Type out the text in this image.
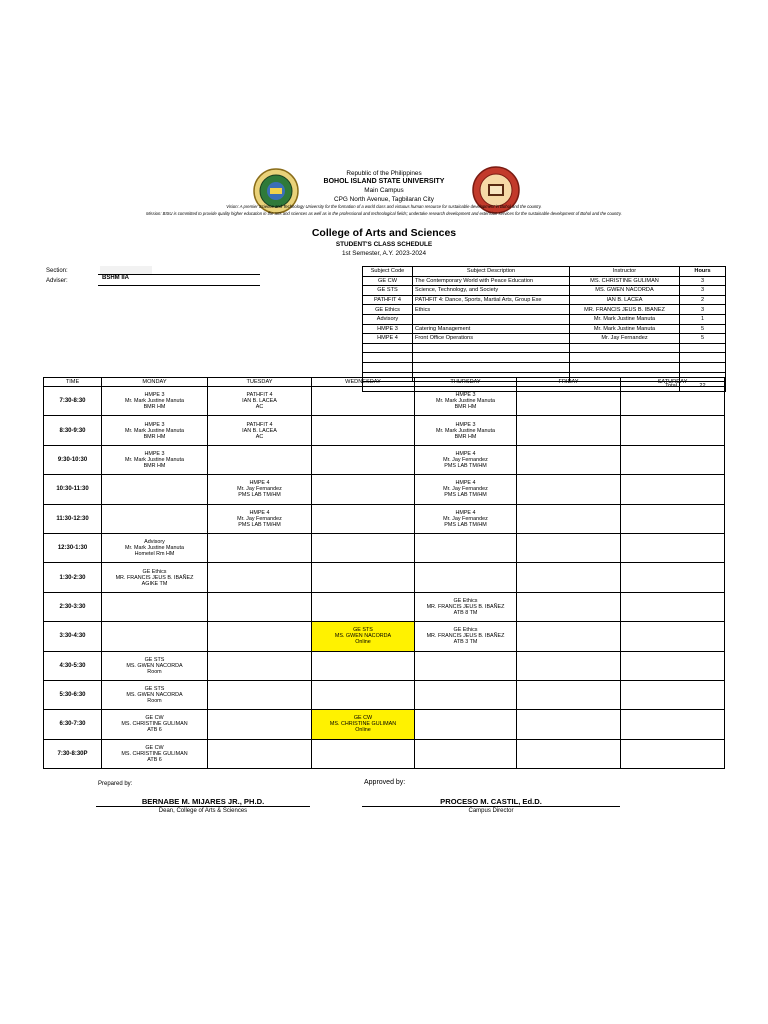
Republic of the Philippines
BOHOL ISLAND STATE UNIVERSITY
Main Campus
CPG North Avenue, Tagbilaran City
Vision: A premier Science and Technology University for the formation of a world class and virtuous human resource for sustainable development in Bohol and the country.
Mission: BISU is committed to provide quality higher education in the arts and sciences as well as in the professional and technological fields; undertake research development and extension services for the sustainable development of Bohol and the country.
College of Arts and Sciences
STUDENT'S CLASS SCHEDULE
1st Semester, A.Y. 2023-2024
Section:
BSHM IIA
Adviser:
Subject Code	Subject Description	Instructor	Hours
GE CW	The Contemporary World with Peace Education	MS. CHRISTINE GULIMAN	3
GE STS	Science, Technology, and Society	MS. GWEN NACORDA	3
PATHFIT 4	PATHFIT 4: Dance, Sports, Martial Arts, Group Exe	IAN B. LACEA	2
GE Ethics	Ethics	MR. FRANCIS JEUS B. IBANEZ	3
Advisory		Mr. Mark Justine Manuta	1
HMPE 3	Catering Management	Mr. Mark Justine Manuta	5
HMPE 4	Front Office Operations	Mr. Jay Fernandez	5

Total			22
TIME	MONDAY	TUESDAY	WEDNESDAY	THURSDAY	FRIDAY	SATURDAY
7:30-8:30	HMPE 3
Mr. Mark Justine Manuta
BMR HM	PATHFIT 4
IAN B. LACEA
AC		HMPE 3
Mr. Mark Justine Manuta
BMR HM		

8:30-9:30	HMPE 3
Mr. Mark Justine Manuta
BMR HM	PATHFIT 4
IAN B. LACEA
AC		HMPE 3
Mr. Mark Justine Manuta
BMR HM		

9:30-10:30	HMPE 3
Mr. Mark Justine Manuta
BMR HM			HMPE 4
Mr. Jay Fernandez
PMS LAB TM/HM		

10:30-11:30		HMPE 4
Mr. Jay Fernandez
PMS LAB TM/HM		HMPE 4
Mr. Jay Fernandez
PMS LAB TM/HM		

11:30-12:30		HMPE 4
Mr. Jay Fernandez
PMS LAB TM/HM		HMPE 4
Mr. Jay Fernandez
PMS LAB TM/HM		

12:30-1:30	Advisory
Mr. Mark Justine Manuta
Hometel Rm HM					

1:30-2:30	GE Ethics
MR. FRANCIS JEUS B. IBAÑEZ
AGIKE TM					

2:30-3:30				GE Ethics
MR. FRANCIS JEUS B. IBAÑEZ
ATB 8 TM		

3:30-4:30			GE STS
MS. GWEN NACORDA
Online	GE Ethics
MR. FRANCIS JEUS B. IBAÑEZ
ATB 3 TM		

4:30-5:30	GE STS
MS. GWEN NACORDA
Room					

5:30-6:30	GE STS
MS. GWEN NACORDA
Room					

6:30-7:30	GE CW
MS. CHRISTINE GULIMAN
ATB 6		GE CW
MS. CHRISTINE GULIMAN
Online			

7:30-8:30P	GE CW
MS. CHRISTINE GULIMAN
ATB 6					

Prepared by:	Approved by:
BERNABE M. MIJARES JR., PH.D.
Dean, College of Arts & Sciences
PROCESO M. CASTIL, Ed.D.
Campus Director
